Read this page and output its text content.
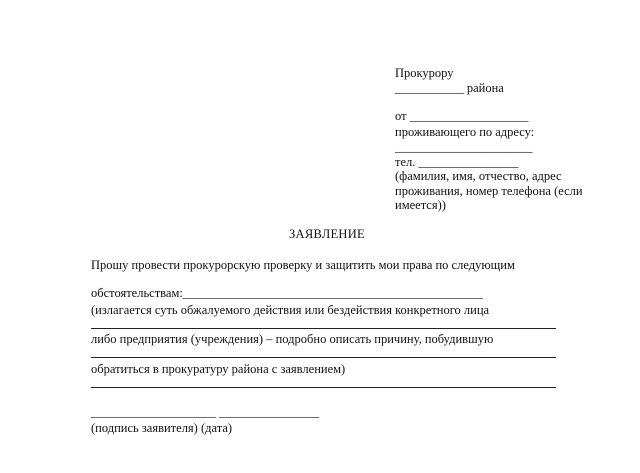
Прокурору
___________ района
от ___________________
проживающего по адресу:
______________________
тел. ________________
(фамилия, имя, отчество, адрес
проживания, номер телефона (если
имеется))
ЗАЯВЛЕНИЕ
Прошу провести прокурорскую проверку и защитить мои права по следующим
обстоятельствам:________________________________________________
(излагается суть обжалуемого действия или бездействия конкретного лица
либо предприятия (учреждения) – подробно описать причину, побудившую
обратиться в прокуратуру района с заявлением)
____________________ ________________
(подпись заявителя) (дата)
